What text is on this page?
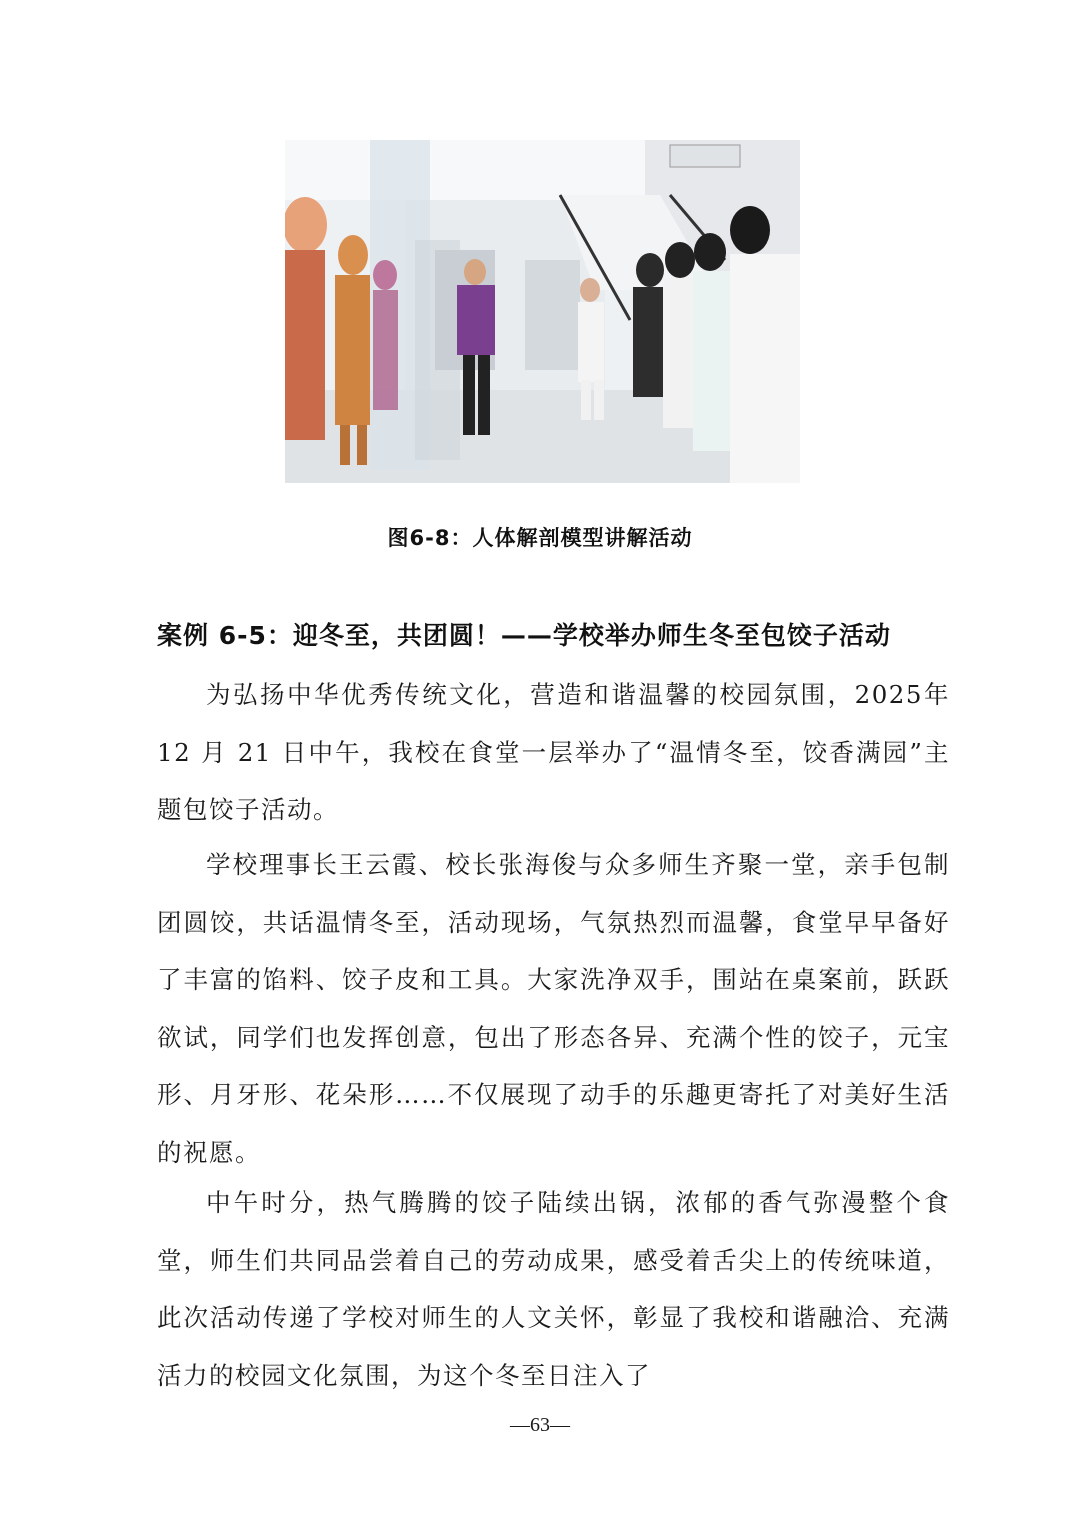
图6-8：人体解剖模型讲解活动
案例 6-5：迎冬至，共团圆！——学校举办师生冬至包饺子活动

为弘扬中华优秀传统文化，营造和谐温馨的校园氛围，2025年 12 月 21 日中午，我校在食堂一层举办了“温情冬至，饺香满园”主题包饺子活动。

学校理事长王云霞、校长张海俊与众多师生齐聚一堂，亲手包制团圆饺，共话温情冬至，活动现场，气氛热烈而温馨，食堂早早备好了丰富的馅料、饺子皮和工具。大家洗净双手，围站在桌案前，跃跃欲试，同学们也发挥创意，包出了形态各异、充满个性的饺子，元宝形、月牙形、花朵形……不仅展现了动手的乐趣更寄托了对美好生活的祝愿。

中午时分，热气腾腾的饺子陆续出锅，浓郁的香气弥漫整个食堂，师生们共同品尝着自己的劳动成果，感受着舌尖上的传统味道，此次活动传递了学校对师生的人文关怀，彰显了我校和谐融洽、充满活力的校园文化氛围，为这个冬至日注入了

—63—
